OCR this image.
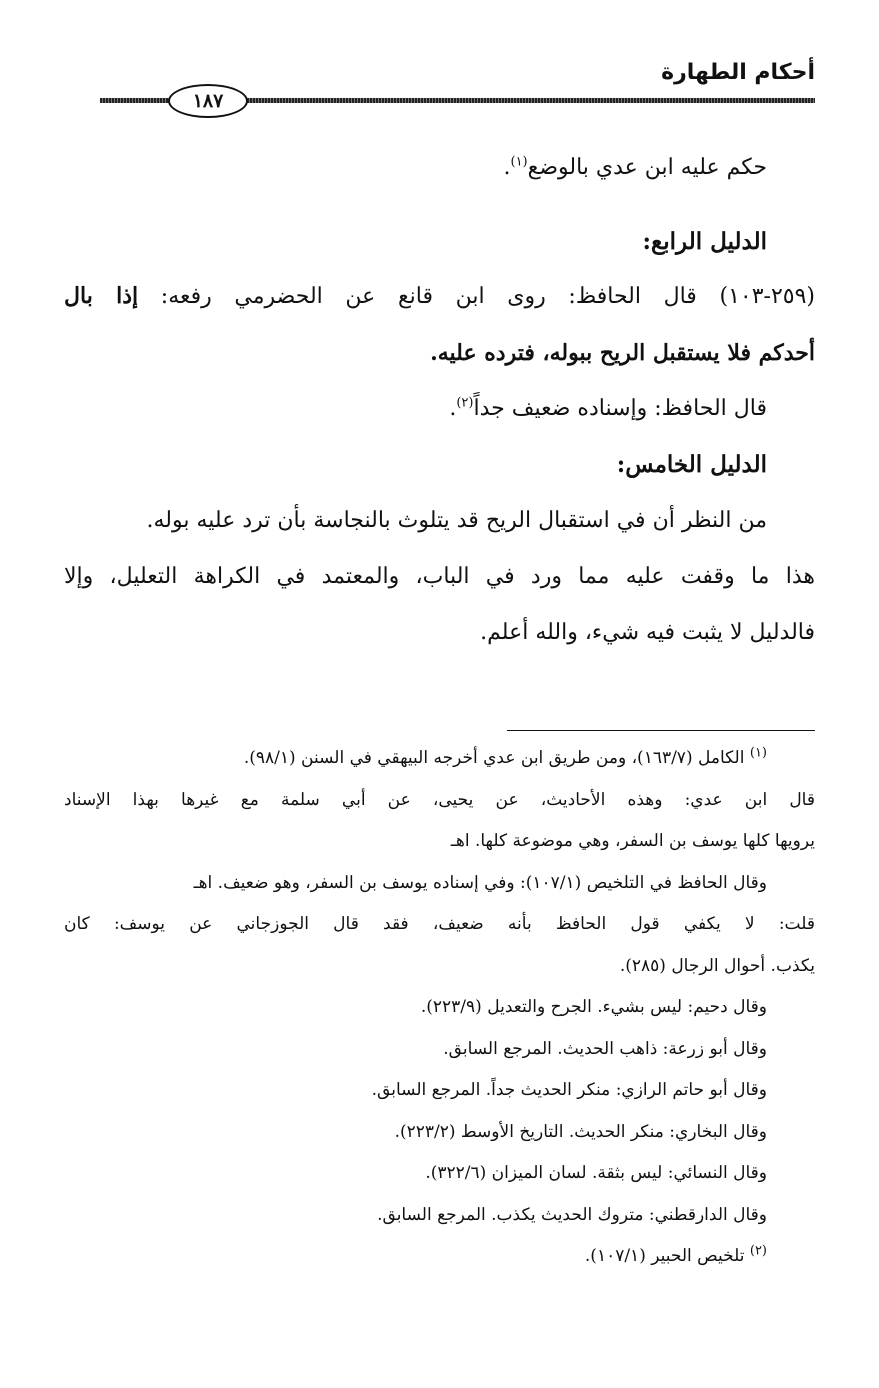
أحكام الطهارة
١٨٧

حكم عليه ابن عدي بالوضع$^{(١)}$.

الدليل الرابع:

(٢٥٩-١٠٣) قال الحافظ: روى ابن قانع عن الحضرمي رفعه: إذا بال

أحدكم فلا يستقبل الريح ببوله، فترده عليه.

قال الحافظ: وإسناده ضعيف جداً$^{(٢)}$.

الدليل الخامس:

من النظر أن في استقبال الريح قد يتلوث بالنجاسة بأن ترد عليه بوله.

هذا ما وقفت عليه مما ورد في الباب، والمعتمد في الكراهة التعليل، وإلا

فالدليل لا يثبت فيه شيء، والله أعلم.

$^{(١)}$ الكامل (١٦٣/٧)، ومن طريق ابن عدي أخرجه البيهقي في السنن (٩٨/١).

قال ابن عدي: وهذه الأحاديث، عن يحيى، عن أبي سلمة مع غيرها بهذا الإسناد

يرويها كلها يوسف بن السفر، وهي موضوعة كلها. اهـ

وقال الحافظ في التلخيص (١٠٧/١): وفي إسناده يوسف بن السفر، وهو ضعيف. اهـ

قلت: لا يكفي قول الحافظ بأنه ضعيف، فقد قال الجوزجاني عن يوسف: كان

يكذب. أحوال الرجال (٢٨٥).

وقال دحيم: ليس بشيء. الجرح والتعديل (٢٢٣/٩).

وقال أبو زرعة: ذاهب الحديث. المرجع السابق.

وقال أبو حاتم الرازي: منكر الحديث جداً. المرجع السابق.

وقال البخاري: منكر الحديث. التاريخ الأوسط (٢٢٣/٢).

وقال النسائي: ليس بثقة. لسان الميزان (٣٢٢/٦).

وقال الدارقطني: متروك الحديث يكذب. المرجع السابق.

$^{(٢)}$ تلخيص الحبير (١٠٧/١).
